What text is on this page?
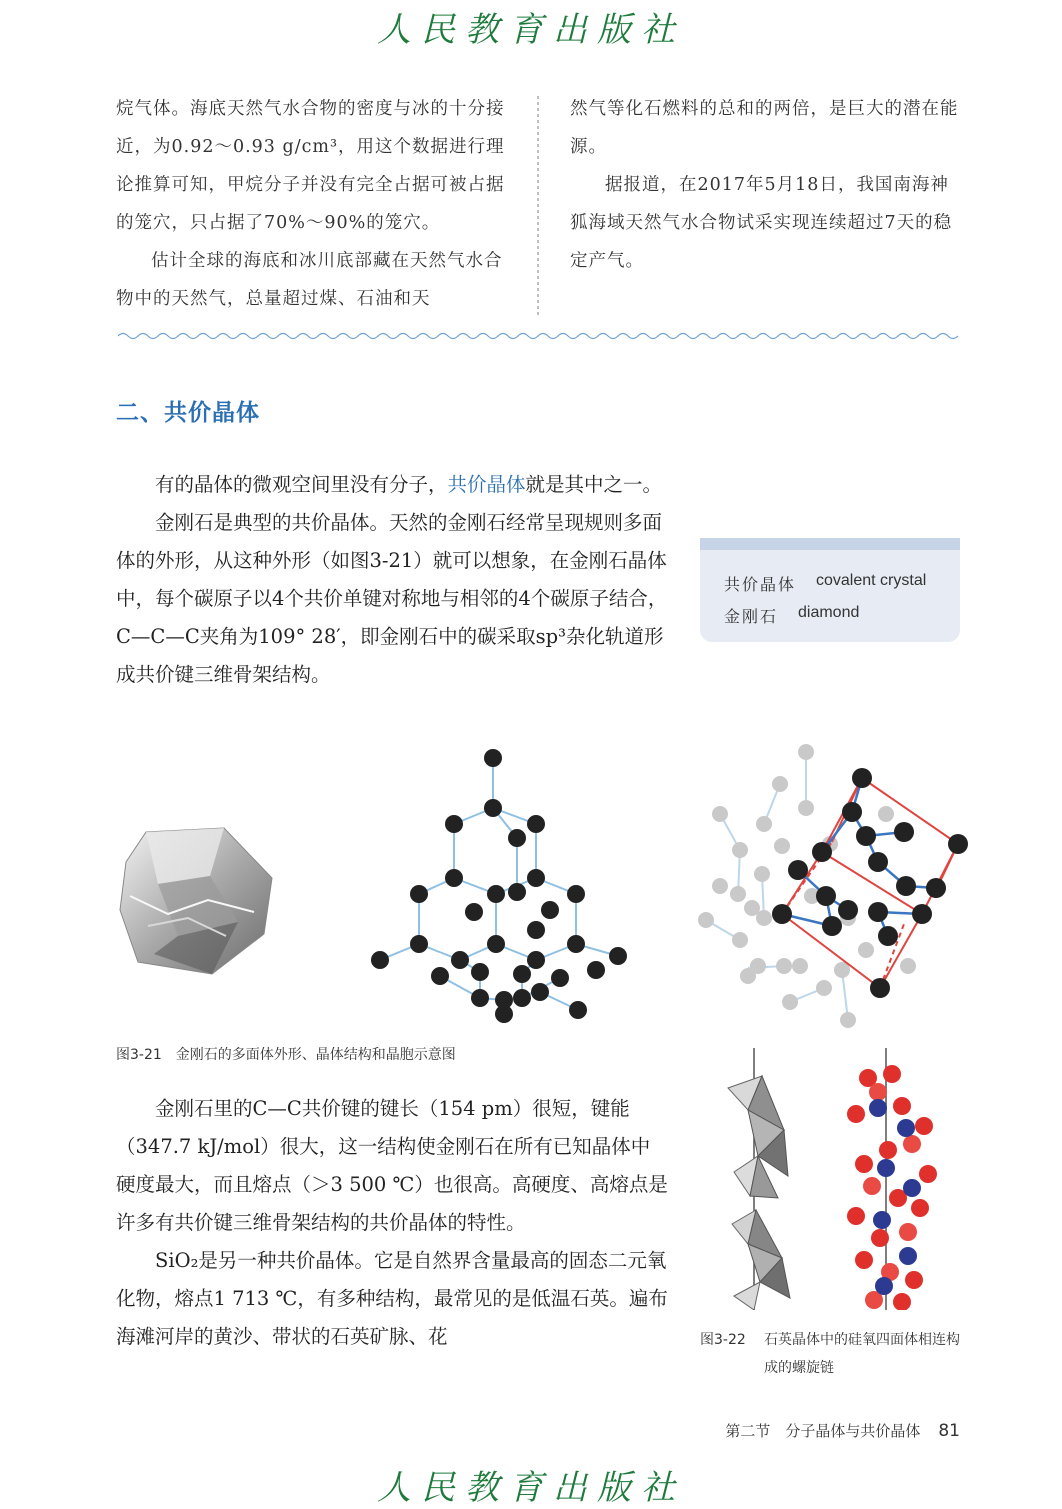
人民教育出版社

烷气体。海底天然气水合物的密度与冰的十分接近，为0.92～0.93 g/cm³，用这个数据进行理论推算可知，甲烷分子并没有完全占据可被占据的笼穴，只占据了70%～90%的笼穴。

估计全球的海底和冰川底部藏在天然气水合物中的天然气，总量超过煤、石油和天

然气等化石燃料的总和的两倍，是巨大的潜在能源。

据报道，在2017年5月18日，我国南海神狐海域天然气水合物试采实现连续超过7天的稳定产气。

二、共价晶体

有的晶体的微观空间里没有分子，共价晶体就是其中之一。

金刚石是典型的共价晶体。天然的金刚石经常呈现规则多面体的外形，从这种外形（如图3-21）就可以想象，在金刚石晶体中，每个碳原子以4个共价单键对称地与相邻的4个碳原子结合，C—C—C夹角为109° 28′，即金刚石中的碳采取sp³杂化轨道形成共价键三维骨架结构。

共价晶体	covalent crystal
金刚石	diamond
图3-21　金刚石的多面体外形、晶体结构和晶胞示意图

金刚石里的C—C共价键的键长（154 pm）很短，键能（347.7 kJ/mol）很大，这一结构使金刚石在所有已知晶体中硬度最大，而且熔点（＞3 500 ℃）也很高。高硬度、高熔点是许多有共价键三维骨架结构的共价晶体的特性。

SiO₂是另一种共价晶体。它是自然界含量最高的固态二元氧化物，熔点1 713 ℃，有多种结构，最常见的是低温石英。遍布海滩河岸的黄沙、带状的石英矿脉、花	图3-22 石英晶体中的硅氧四面体相连构成的螺旋链
第二节　分子晶体与共价晶体 81
人民教育出版社
